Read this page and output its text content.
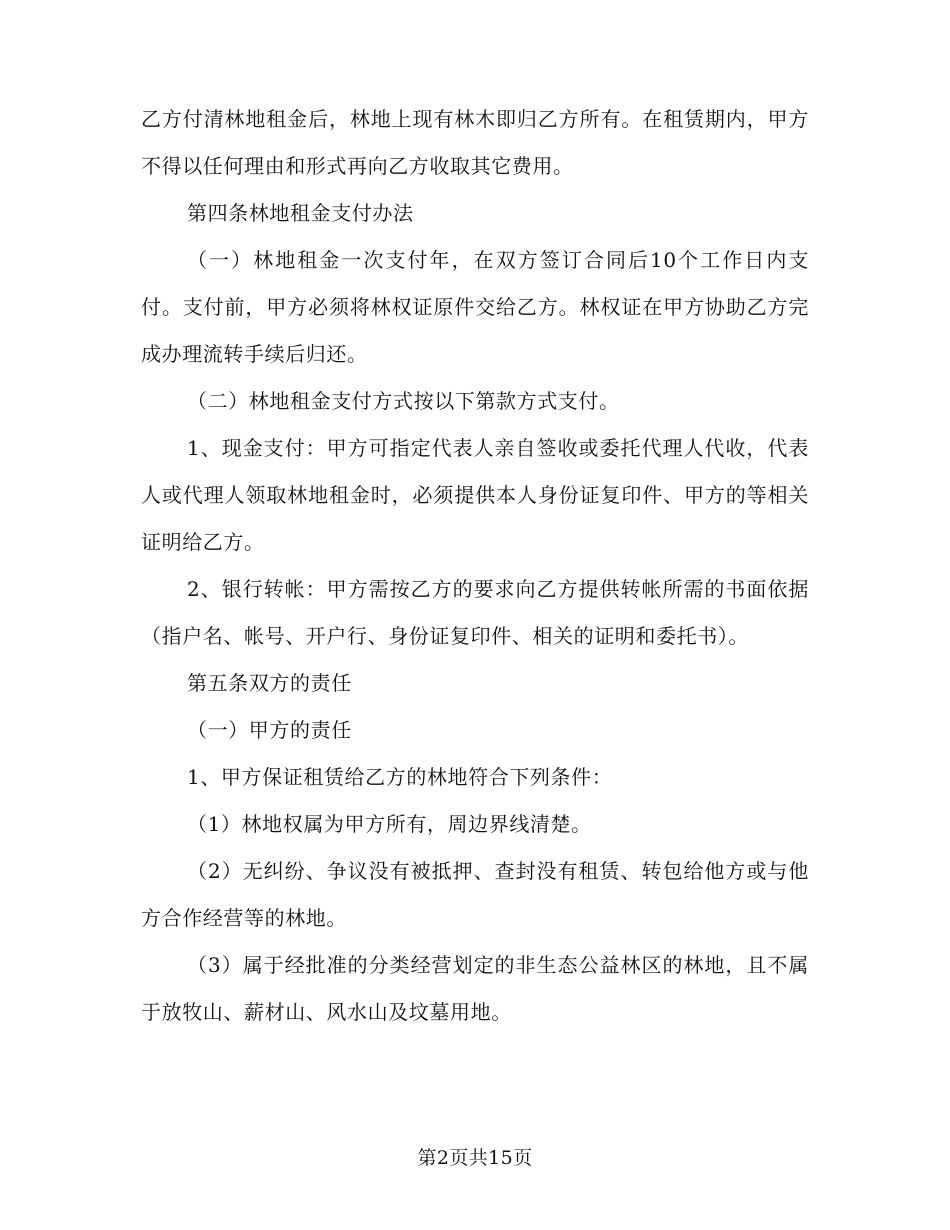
乙方付清林地租金后，林地上现有林木即归乙方所有。在租赁期内，甲方不得以任何理由和形式再向乙方收取其它费用。

第四条林地租金支付办法

（一）林地租金一次支付年，在双方签订合同后10个工作日内支付。支付前，甲方必须将林权证原件交给乙方。林权证在甲方协助乙方完成办理流转手续后归还。

（二）林地租金支付方式按以下第款方式支付。

1、现金支付：甲方可指定代表人亲自签收或委托代理人代收，代表人或代理人领取林地租金时，必须提供本人身份证复印件、甲方的等相关证明给乙方。

2、银行转帐：甲方需按乙方的要求向乙方提供转帐所需的书面依据（指户名、帐号、开户行、身份证复印件、相关的证明和委托书）。

第五条双方的责任

（一）甲方的责任

1、甲方保证租赁给乙方的林地符合下列条件：

（1）林地权属为甲方所有，周边界线清楚。

（2）无纠纷、争议没有被抵押、查封没有租赁、转包给他方或与他方合作经营等的林地。

（3）属于经批准的分类经营划定的非生态公益林区的林地，且不属于放牧山、薪材山、风水山及坟墓用地。

第2页共15页
